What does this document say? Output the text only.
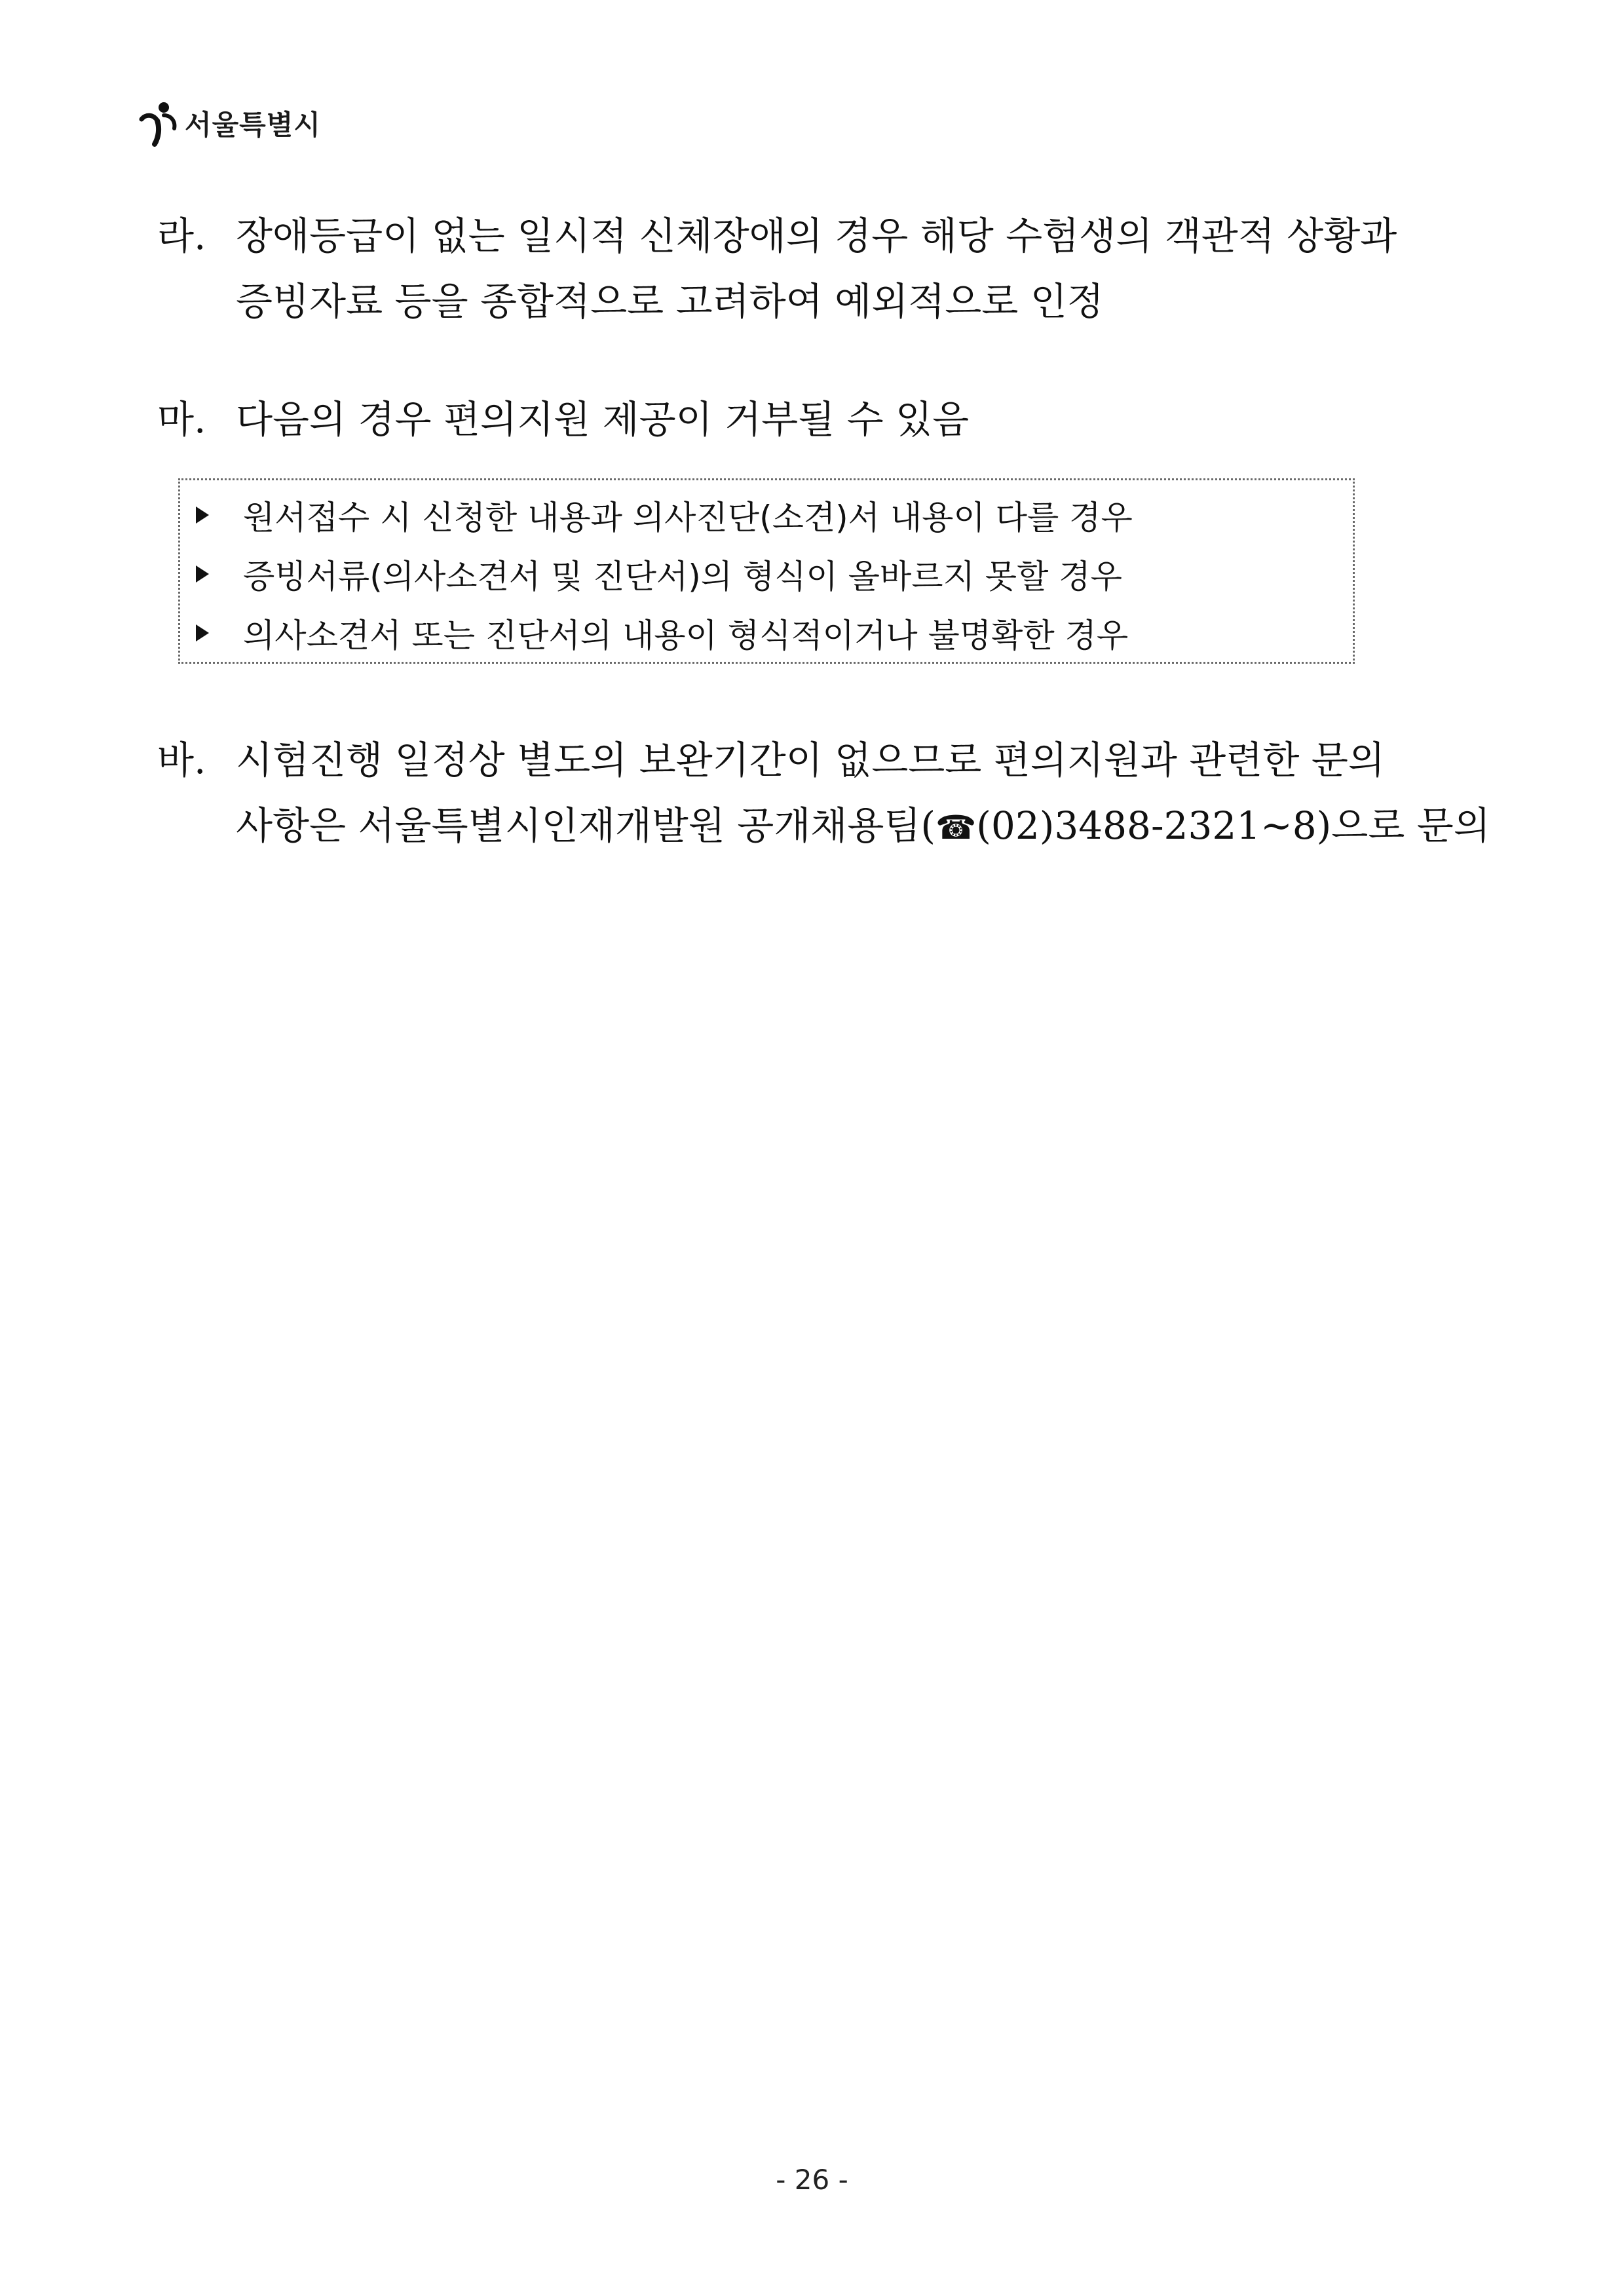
서울특별시
라. 장애등급이 없는 일시적 신체장애의 경우 해당 수험생의 객관적 상황과
증빙자료 등을 종합적으로 고려하여 예외적으로 인정
마. 다음의 경우 편의지원 제공이 거부될 수 있음
원서접수 시 신청한 내용과 의사진단(소견)서 내용이 다를 경우
증빙서류(의사소견서 및 진단서)의 형식이 올바르지 못할 경우
의사소견서 또는 진단서의 내용이 형식적이거나 불명확한 경우
바. 시험진행 일정상 별도의 보완기간이 없으므로 편의지원과 관련한 문의
사항은 서울특별시인재개발원 공개채용팀(☎(02)3488-2321~8)으로 문의
- 26 -
